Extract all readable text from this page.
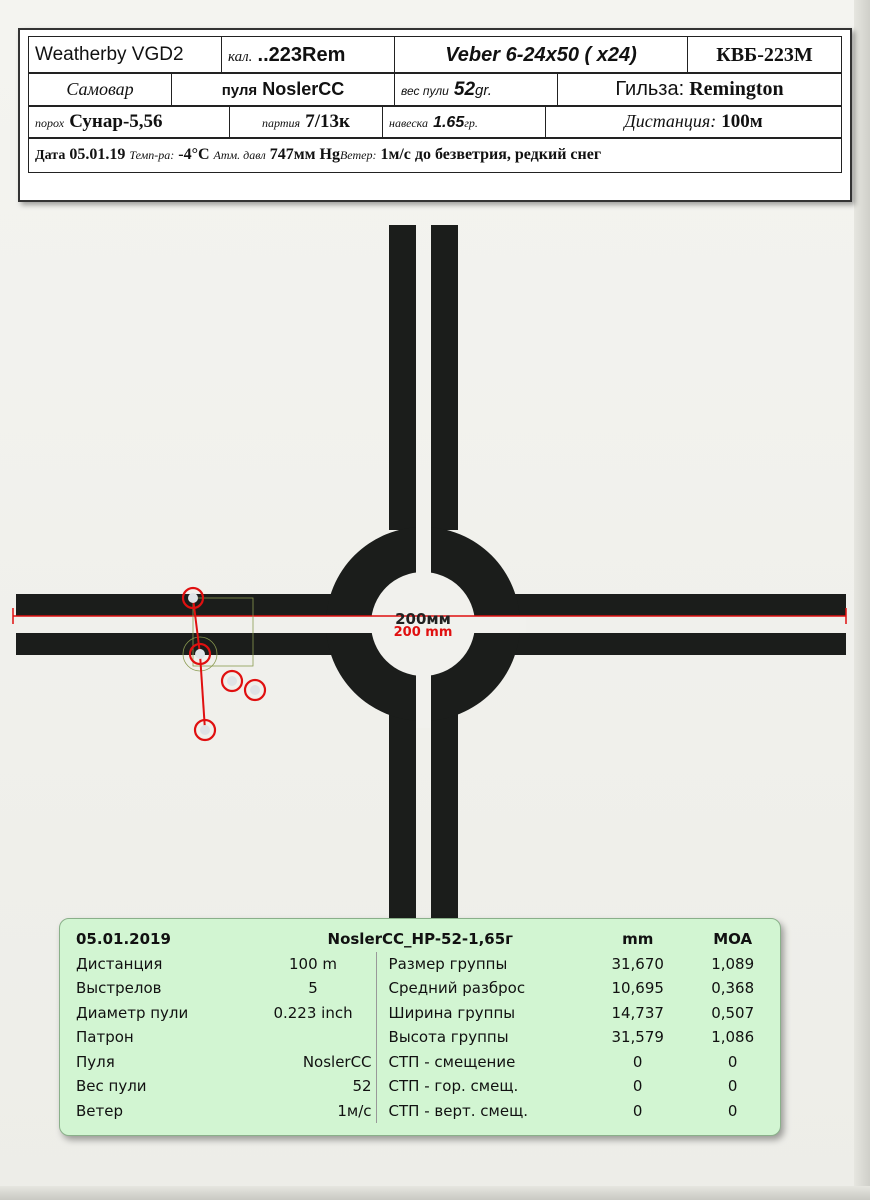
Weatherby VGD2	кал. ..223Rem	Veber 6-24x50 ( x24)	КВБ-223М
Самовар	пуля NoslerCC	вес пули 52gr.	Гильза: Remington
порох Сунар-5,56	партия 7/13к	навеска 1.65гр.	Дистанция: 100м
Дата 05.01.19 Темп-ра: -4°C Атм. давл 747мм HgВетер: 1м/с до безветрия, редкий снег
200мм
200 mm
05.01.2019	NoslerCC_HP-52-1,65г		mm	MOA
Дистанция	100 m	Размер группы	31,670	1,089
Выстрелов	5	Средний разброс	10,695	0,368
Диаметр пули	0.223 inch	Ширина группы	14,737	0,507
Патрон		Высота группы	31,579	1,086
Пуля	NoslerCC	СТП - смещение	0	0
Вес пули	52	СТП - гор. смещ.	0	0
Ветер	1м/с	СТП - верт. смещ.	0	0
